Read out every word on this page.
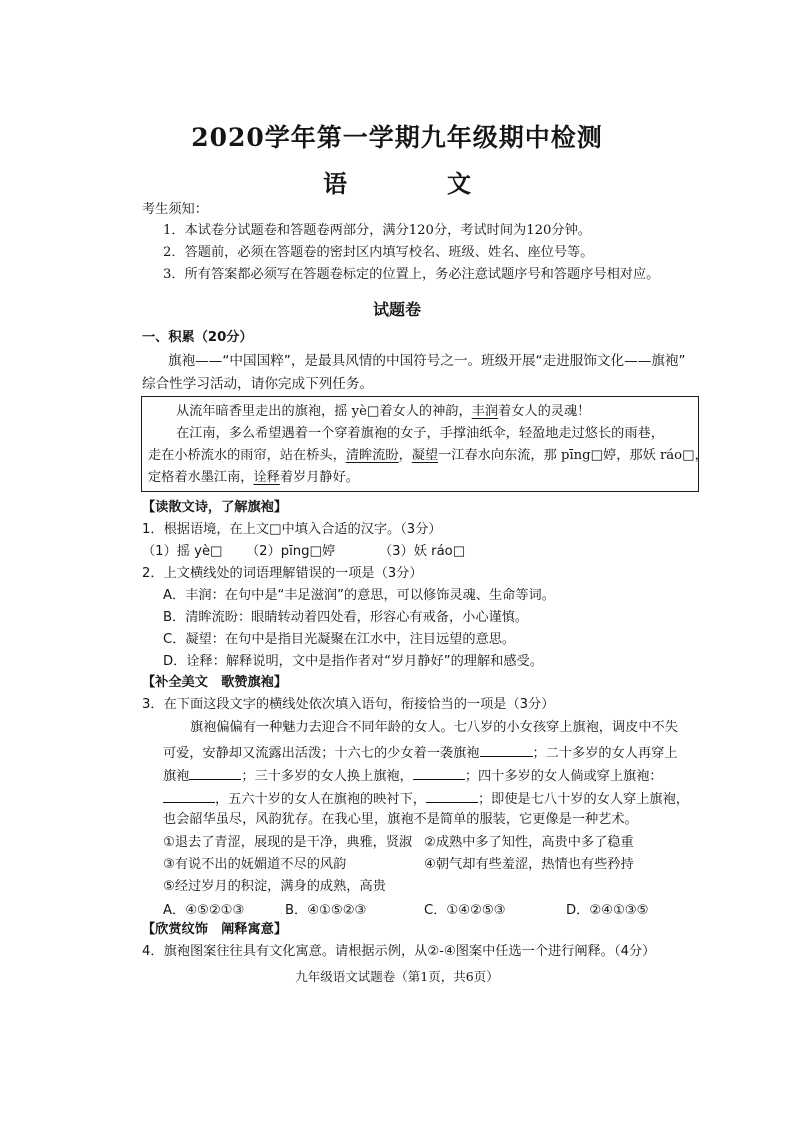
2020学年第一学期九年级期中检测
语　文
考生须知：
1．本试卷分试题卷和答题卷两部分，满分120分，考试时间为120分钟。
2．答题前，必须在答题卷的密封区内填写校名、班级、姓名、座位号等。
3．所有答案都必须写在答题卷标定的位置上，务必注意试题序号和答题序号相对应。
试题卷
一、积累（20分）
旗袍——“中国国粹”，是最具风情的中国符号之一。班级开展“走进服饰文化——旗袍”
综合性学习活动，请你完成下列任务。
从流年暗香里走出的旗袍，摇 yè□着女人的神韵，丰润着女人的灵魂！
在江南，多么希望遇着一个穿着旗袍的女子，手撑油纸伞，轻盈地走过悠长的雨巷，
走在小桥流水的雨帘，站在桥头，清眸流盼，凝望一江春水向东流，那 pīng□婷，那妖 ráo□，
定格着水墨江南，诠释着岁月静好。
【读散文诗，了解旗袍】
1．根据语境，在上文□中填入合适的汉字。（3分）
（1）摇 yè□ （2）pīng□婷	（3）妖 ráo□
2．上文横线处的词语理解错误的一项是（3分）
A．丰润：在句中是“丰足滋润”的意思，可以修饰灵魂、生命等词。
B．清眸流盼：眼睛转动着四处看，形容心有戒备，小心谨慎。
C．凝望：在句中是指目光凝聚在江水中，注目远望的意思。
D．诠释：解释说明，文中是指作者对“岁月静好”的理解和感受。
【补全美文　歌赞旗袍】
3．在下面这段文字的横线处依次填入语句，衔接恰当的一项是（3分）
旗袍偏偏有一种魅力去迎合不同年龄的女人。七八岁的小女孩穿上旗袍，调皮中不失
可爱，安静却又流露出活泼；十六七的少女着一袭旗袍	；二十多岁的女人再穿上
旗袍	；三十多岁的女人换上旗袍，	；四十多岁的女人倘或穿上旗袍：
，五六十岁的女人在旗袍的映衬下，	；即使是七八十岁的女人穿上旗袍，
也会韶华虽尽，风韵犹存。在我心里，旗袍不是简单的服装，它更像是一种艺术。
①退去了青涩，展现的是干净，典雅，贤淑 ②成熟中多了知性，高贵中多了稳重
③有说不出的妩媚道不尽的风韵	④朝气却有些羞涩，热情也有些矜持
⑤经过岁月的积淀，满身的成熟，高贵
A．④⑤②①③	B．④①⑤②③	C．①④②⑤③	D．②④①③⑤
【欣赏纹饰　阐释寓意】
4．旗袍图案往往具有文化寓意。请根据示例，从②-④图案中任选一个进行阐释。（4分）
九年级语文试题卷（第1页，共6页）
